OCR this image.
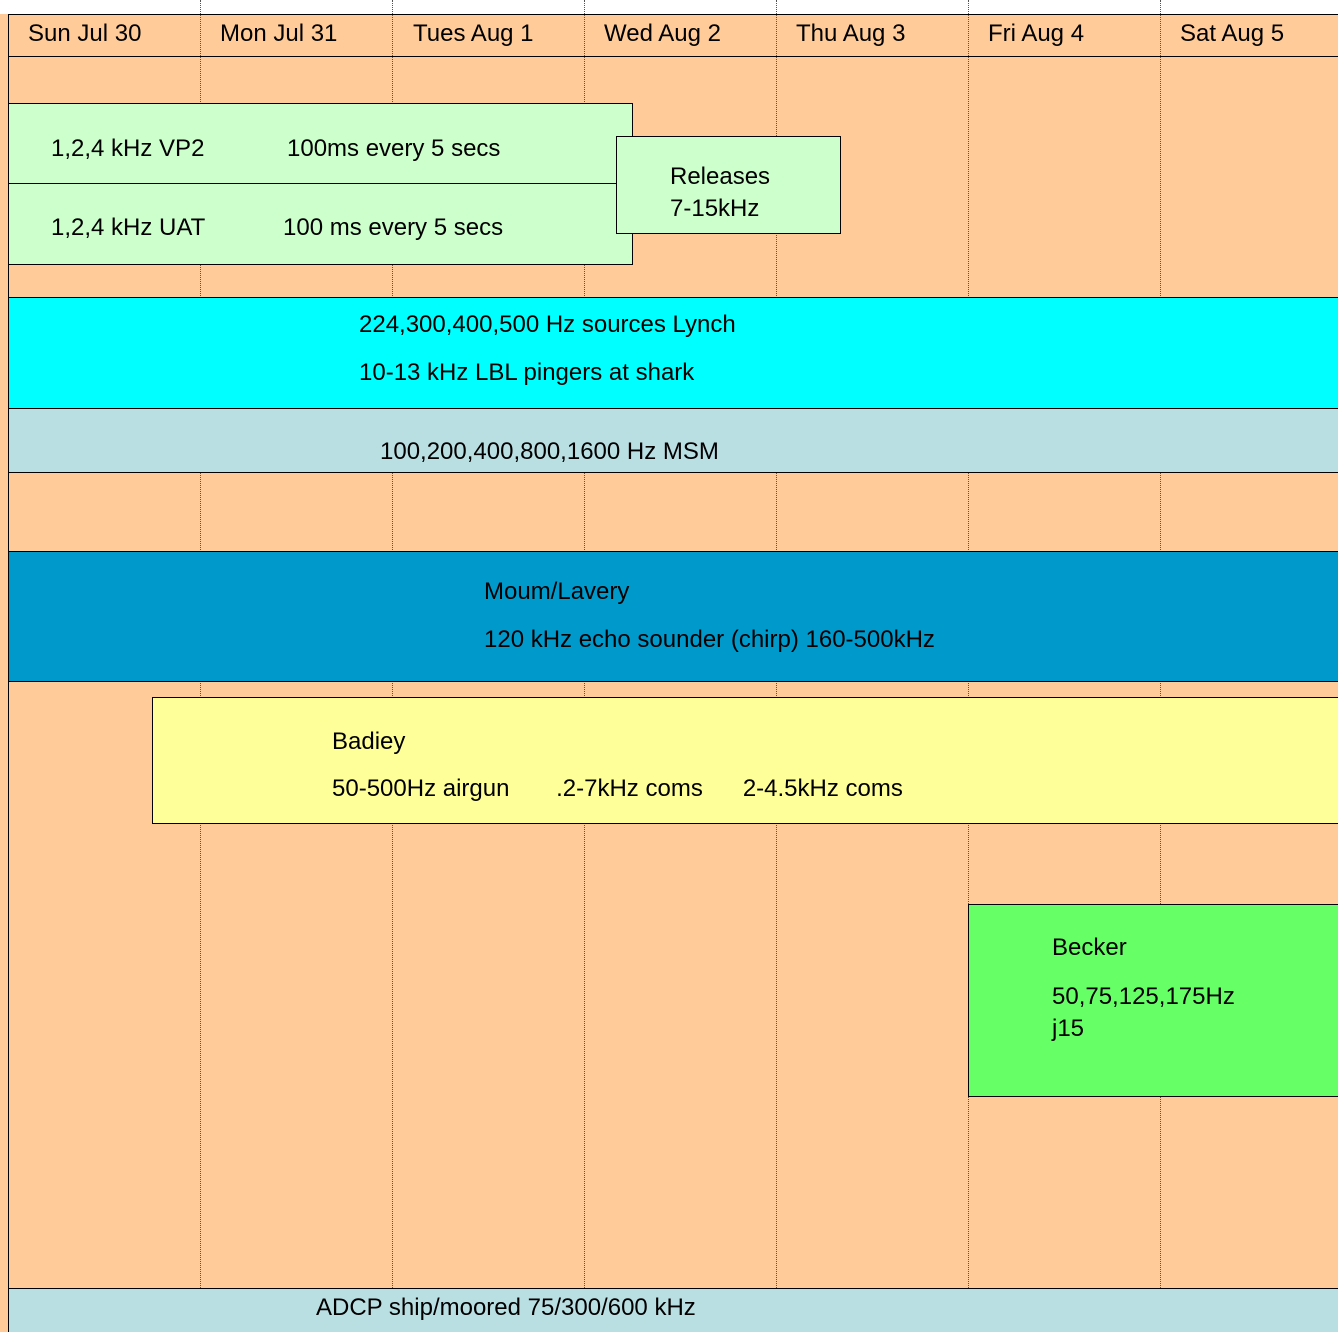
Sun Jul 30	Mon Jul 31	Tues Aug 1	Wed Aug 2	Thu Aug 3	Fri Aug 4	Sat Aug 5
1,2,4 kHz VP2	100ms every 5 secs
1,2,4 kHz UAT	100 ms every 5 secs
Releases
7-15kHz
224,300,400,500 Hz sources Lynch
10-13 kHz LBL pingers at shark
100,200,400,800,1600 Hz MSM
Moum/Lavery
120 kHz echo sounder (chirp) 160-500kHz
Badiey
50-500Hz airgun       .2-7kHz coms      2-4.5kHz coms
Becker
50,75,125,175Hz
j15
ADCP ship/moored 75/300/600 kHz
